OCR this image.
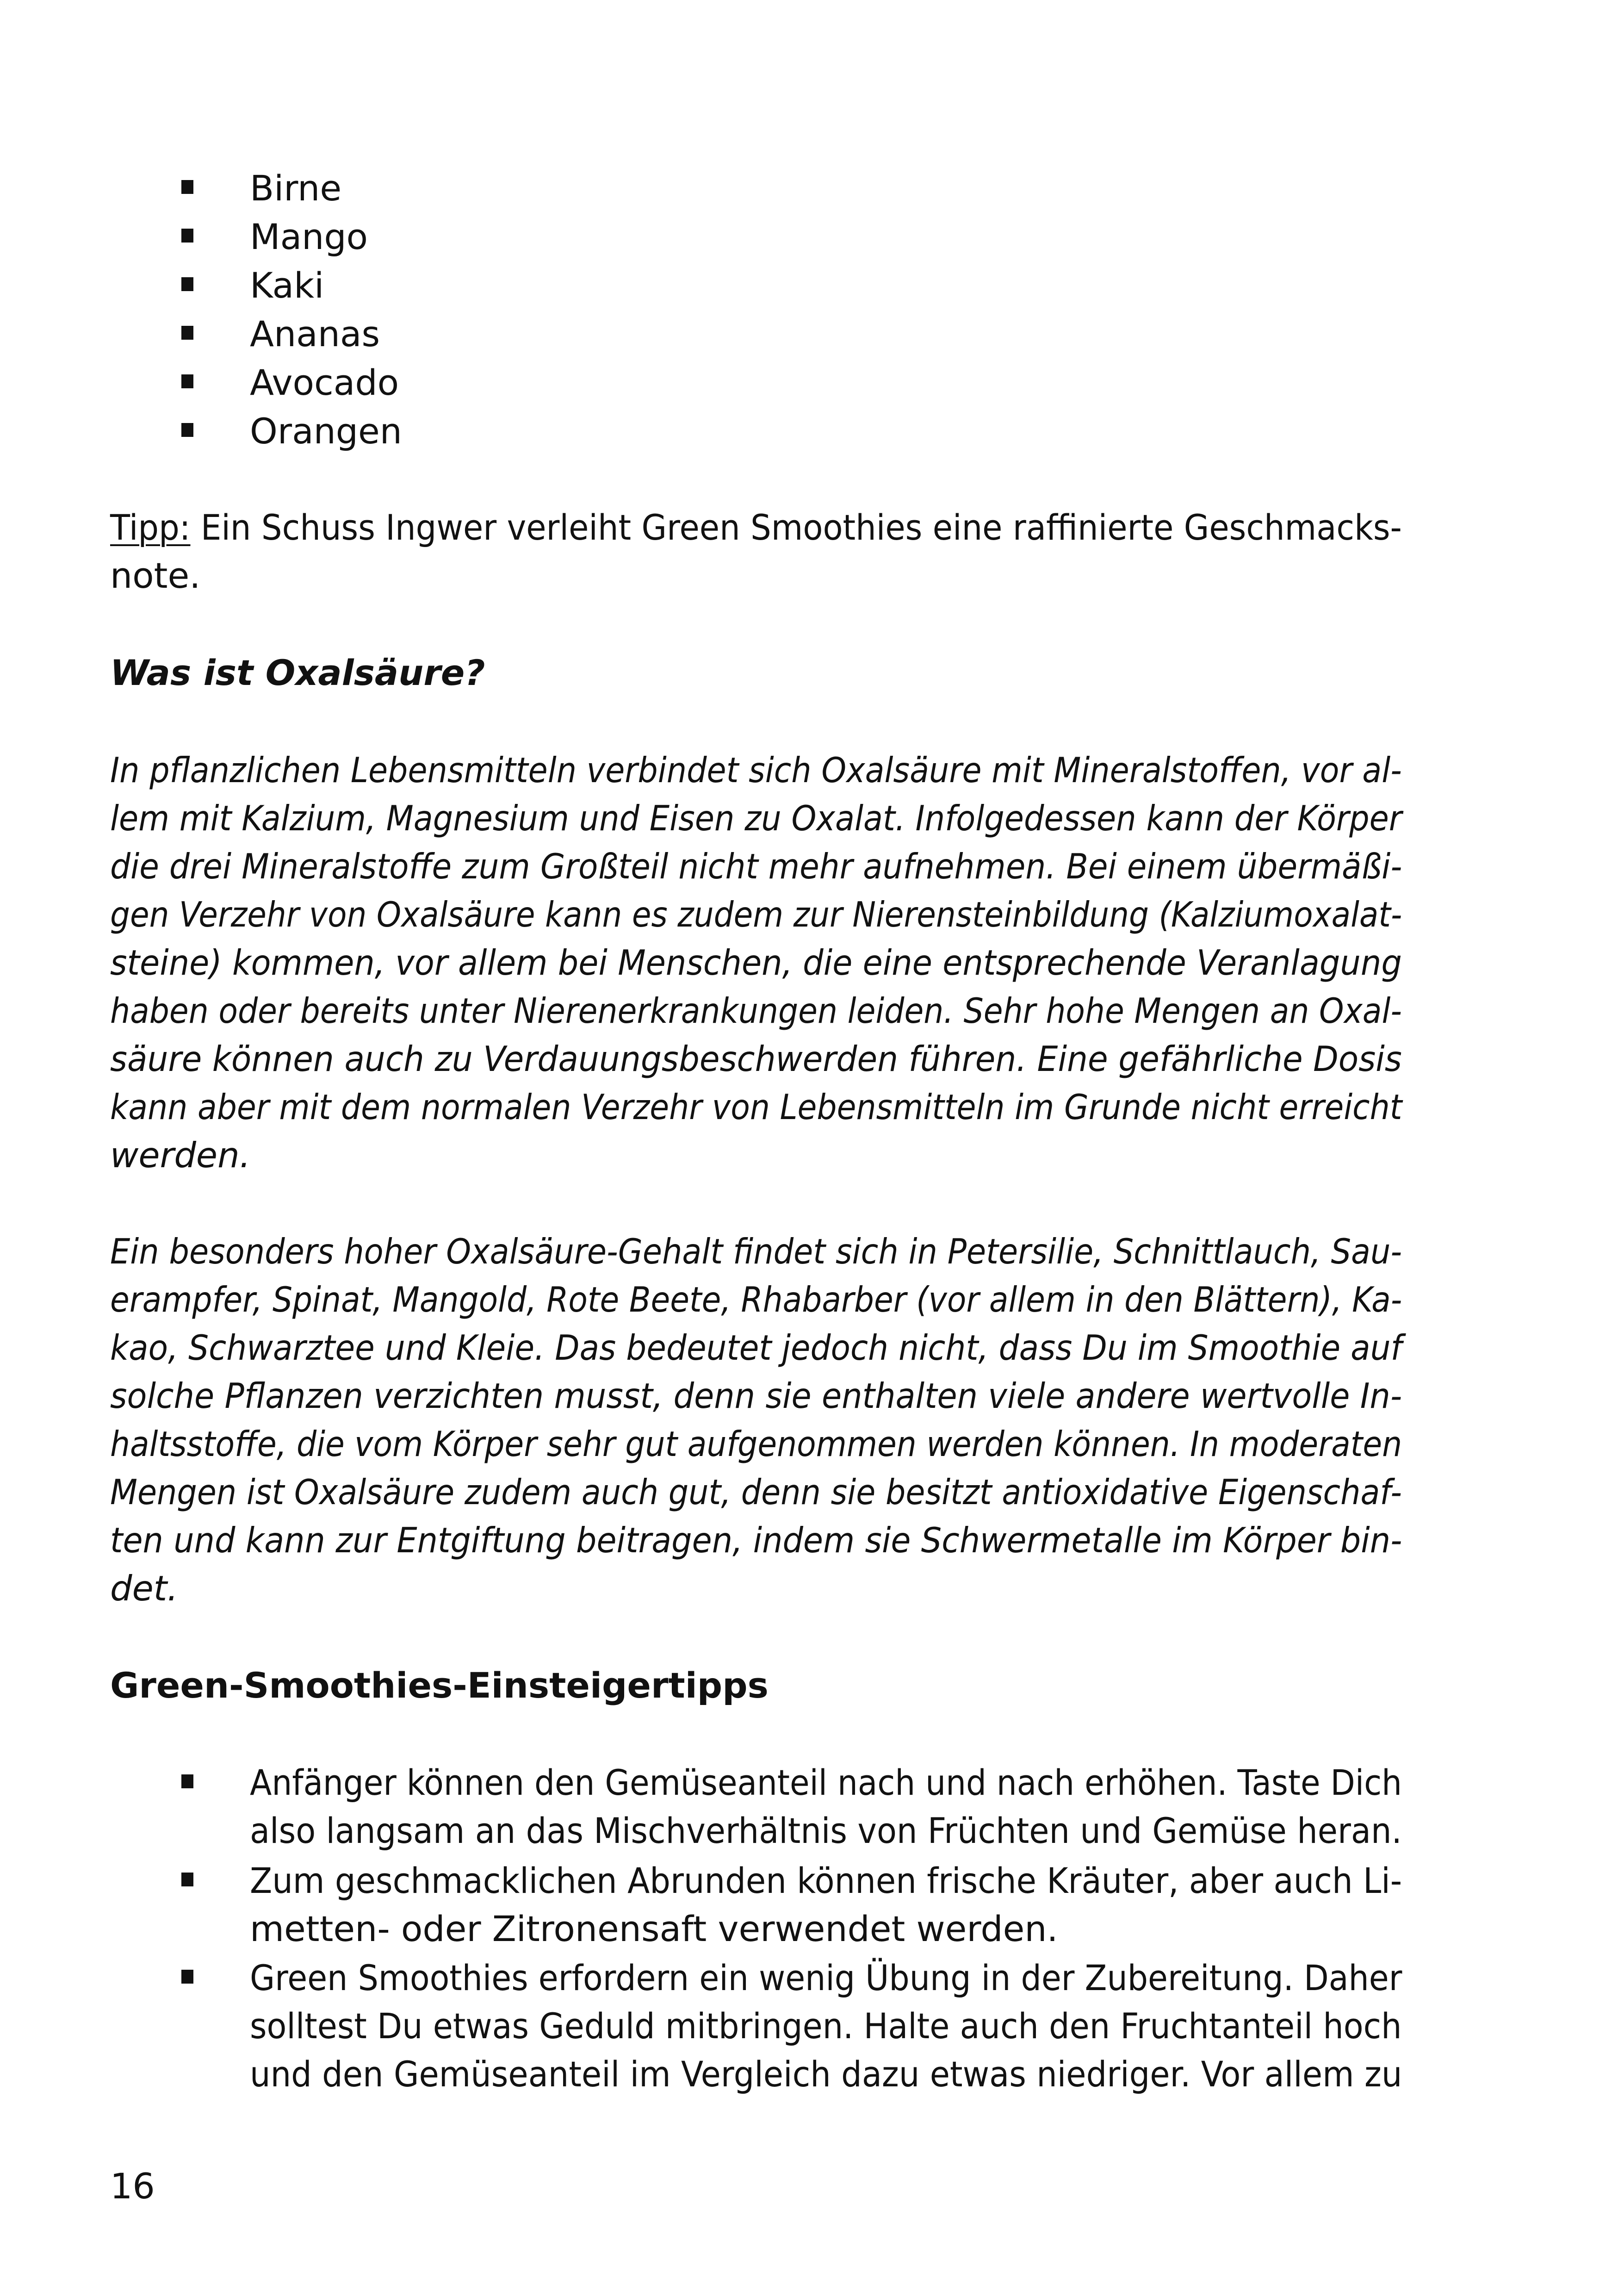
Birne
Mango
Kaki
Ananas
Avocado
Orangen
Tipp: Ein Schuss Ingwer verleiht Green Smoothies eine raffinierte Geschmacks-
note.
Was ist Oxalsäure?
In pflanzlichen Lebensmitteln verbindet sich Oxalsäure mit Mineralstoffen, vor al-
lem mit Kalzium, Magnesium und Eisen zu Oxalat. Infolgedessen kann der Körper
die drei Mineralstoffe zum Großteil nicht mehr aufnehmen. Bei einem übermäßi-
gen Verzehr von Oxalsäure kann es zudem zur Nierensteinbildung (Kalziumoxalat-
steine) kommen, vor allem bei Menschen, die eine entsprechende Veranlagung
haben oder bereits unter Nierenerkrankungen leiden. Sehr hohe Mengen an Oxal-
säure können auch zu Verdauungsbeschwerden führen. Eine gefährliche Dosis
kann aber mit dem normalen Verzehr von Lebensmitteln im Grunde nicht erreicht
werden.
Ein besonders hoher Oxalsäure-Gehalt findet sich in Petersilie, Schnittlauch, Sau-
erampfer, Spinat, Mangold, Rote Beete, Rhabarber (vor allem in den Blättern), Ka-
kao, Schwarztee und Kleie. Das bedeutet jedoch nicht, dass Du im Smoothie auf
solche Pflanzen verzichten musst, denn sie enthalten viele andere wertvolle In-
haltsstoffe, die vom Körper sehr gut aufgenommen werden können. In moderaten
Mengen ist Oxalsäure zudem auch gut, denn sie besitzt antioxidative Eigenschaf-
ten und kann zur Entgiftung beitragen, indem sie Schwermetalle im Körper bin-
det.
Green-Smoothies-Einsteigertipps
Anfänger können den Gemüseanteil nach und nach erhöhen. Taste Dich
also langsam an das Mischverhältnis von Früchten und Gemüse heran.
Zum geschmacklichen Abrunden können frische Kräuter, aber auch Li-
metten- oder Zitronensaft verwendet werden.
Green Smoothies erfordern ein wenig Übung in der Zubereitung. Daher
solltest Du etwas Geduld mitbringen. Halte auch den Fruchtanteil hoch
und den Gemüseanteil im Vergleich dazu etwas niedriger. Vor allem zu
16
